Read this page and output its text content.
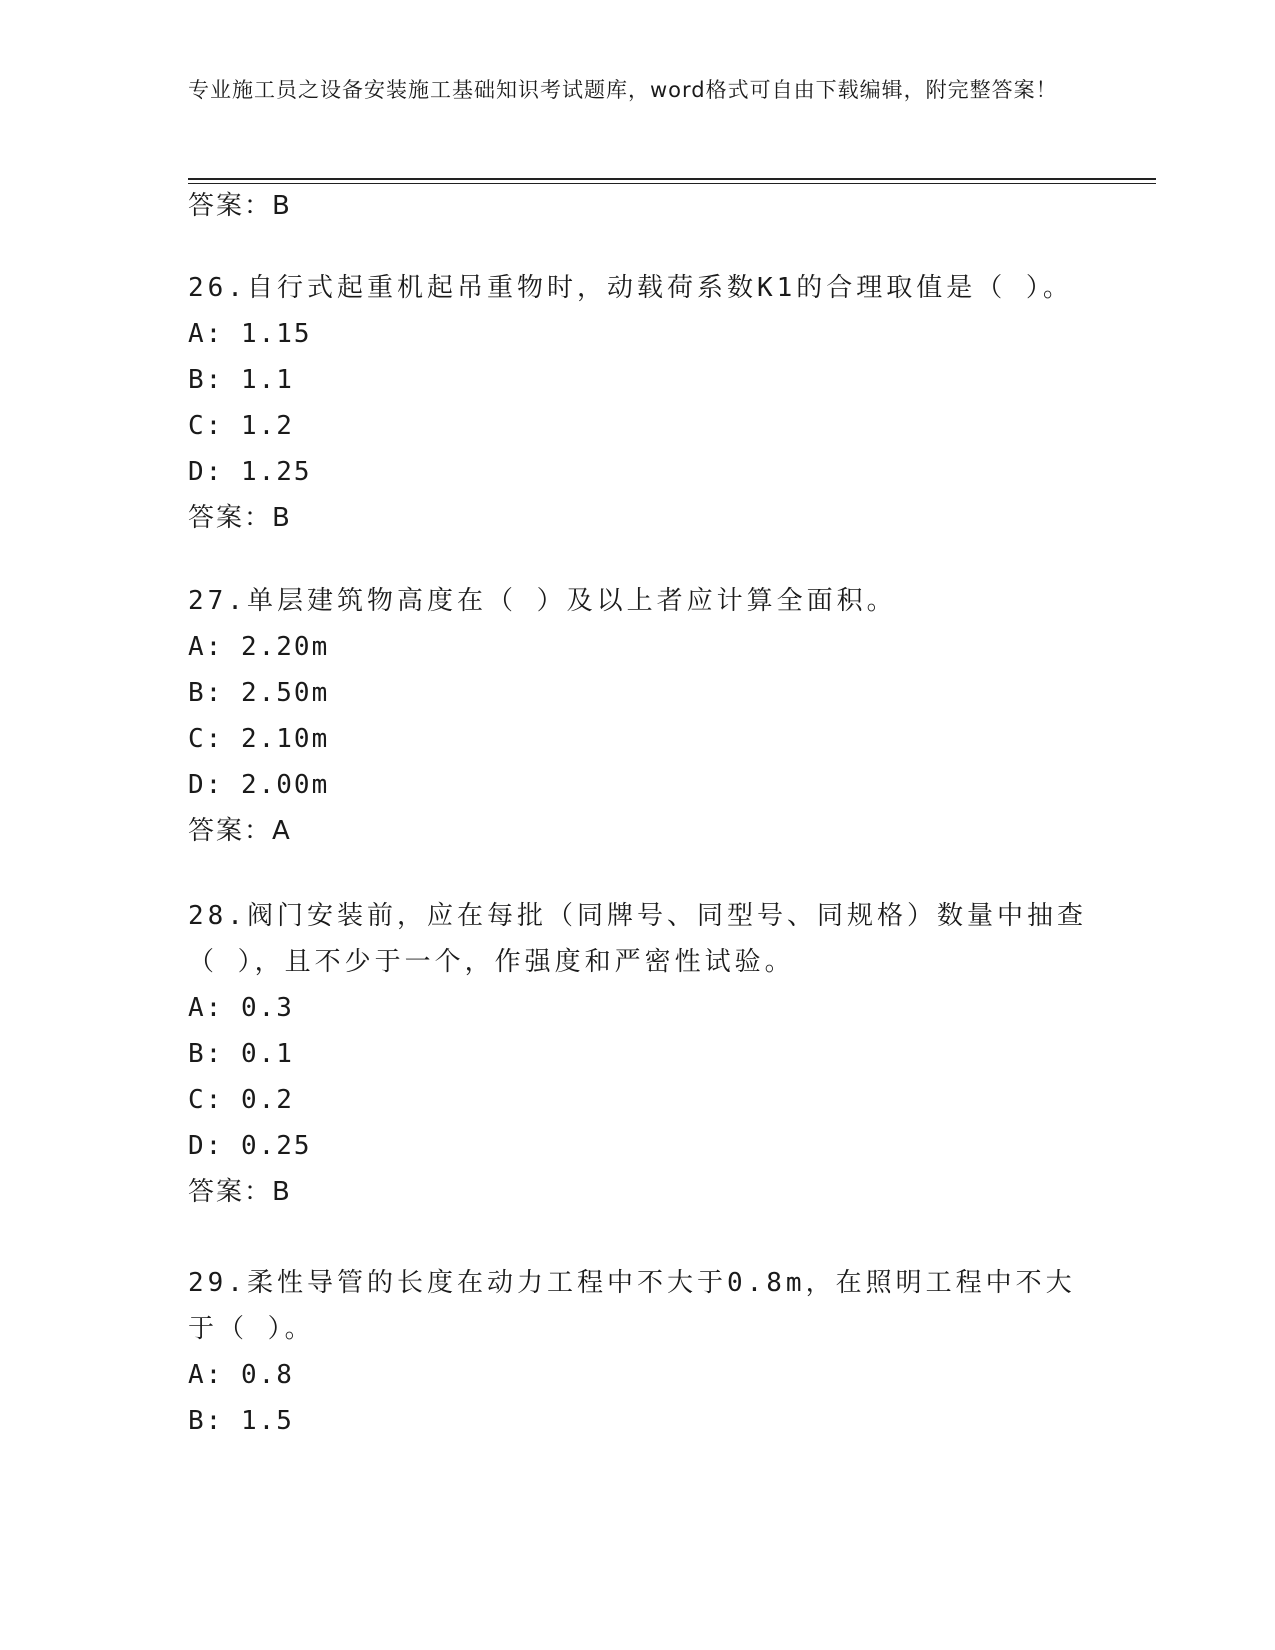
专业施工员之设备安装施工基础知识考试题库，word格式可自由下载编辑，附完整答案！
答案：B
26.自行式起重机起吊重物时，动载荷系数K1的合理取值是（ ）。
A: 1.15
B: 1.1
C: 1.2
D: 1.25
答案：B
27.单层建筑物高度在（ ）及以上者应计算全面积。
A: 2.20m
B: 2.50m
C: 2.10m
D: 2.00m
答案：A
28.阀门安装前，应在每批（同牌号、同型号、同规格）数量中抽查（ ），且不少于一个，作强度和严密性试验。
A: 0.3
B: 0.1
C: 0.2
D: 0.25
答案：B
29.柔性导管的长度在动力工程中不大于0.8m，在照明工程中不大于（ ）。
A: 0.8
B: 1.5
